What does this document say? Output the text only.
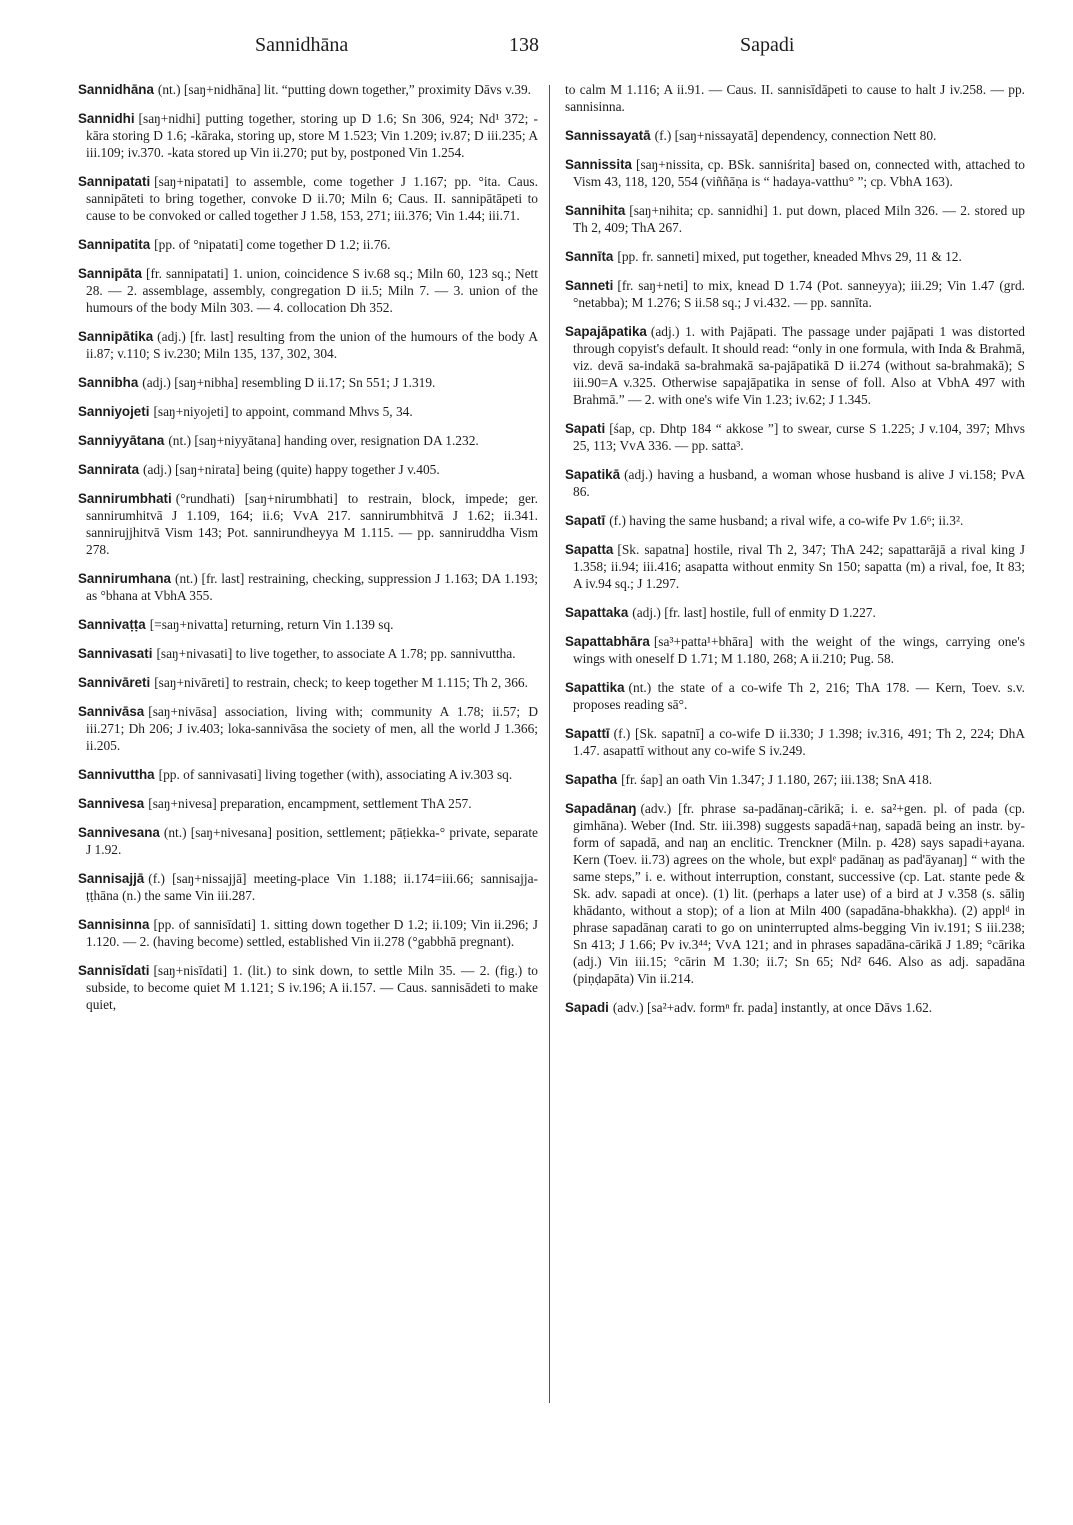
Sannidhāna	138	Sapadi

Sannidhāna (nt.) [saŋ+nidhāna] lit. “putting down together,” proximity Dāvs v.39.

Sannidhi [saŋ+nidhi] putting together, storing up D 1.6; Sn 306, 924; Nd¹ 372; -kāra storing D 1.6; -kāraka, storing up, store M 1.523; Vin 1.209; iv.87; D iii.235; A iii.109; iv.370. -kata stored up Vin ii.270; put by, postponed Vin 1.254.

Sannipatati [saŋ+nipatati] to assemble, come together J 1.167; pp. °ita. Caus. sannipāteti to bring together, convoke D ii.70; Miln 6; Caus. II. sannipātāpeti to cause to be convoked or called together J 1.58, 153, 271; iii.376; Vin 1.44; iii.71.

Sannipatita [pp. of °nipatati] come together D 1.2; ii.76.

Sannipāta [fr. sannipatati] 1. union, coincidence S iv.68 sq.; Miln 60, 123 sq.; Nett 28. — 2. assemblage, assembly, congregation D ii.5; Miln 7. — 3. union of the humours of the body Miln 303. — 4. collocation Dh 352.

Sannipātika (adj.) [fr. last] resulting from the union of the humours of the body A ii.87; v.110; S iv.230; Miln 135, 137, 302, 304.

Sannibha (adj.) [saŋ+nibha] resembling D ii.17; Sn 551; J 1.319.

Sanniyojeti [saŋ+niyojeti] to appoint, command Mhvs 5, 34.

Sanniyyātana (nt.) [saŋ+niyyātana] handing over, resignation DA 1.232.

Sannirata (adj.) [saŋ+nirata] being (quite) happy together J v.405.

Sannirumbhati (°rundhati) [saŋ+nirumbhati] to restrain, block, impede; ger. sannirumhitvā J 1.109, 164; ii.6; VvA 217. sannirumbhitvā J 1.62; ii.341. sannirujjhitvā Vism 143; Pot. sannirundheyya M 1.115. — pp. sanniruddha Vism 278.

Sannirumhana (nt.) [fr. last] restraining, checking, suppression J 1.163; DA 1.193; as °bhana at VbhA 355.

Sannivaṭṭa [=saŋ+nivatta] returning, return Vin 1.139 sq.

Sannivasati [saŋ+nivasati] to live together, to associate A 1.78; pp. sannivuttha.

Sannivāreti [saŋ+nivāreti] to restrain, check; to keep together M 1.115; Th 2, 366.

Sannivāsa [saŋ+nivāsa] association, living with; community A 1.78; ii.57; D iii.271; Dh 206; J iv.403; loka-sannivāsa the society of men, all the world J 1.366; ii.205.

Sannivuttha [pp. of sannivasati] living together (with), associating A iv.303 sq.

Sannivesa [saŋ+nivesa] preparation, encampment, settlement ThA 257.

Sannivesana (nt.) [saŋ+nivesana] position, settlement; pāṭiekka-° private, separate J 1.92.

Sannisajjā (f.) [saŋ+nissajjā] meeting-place Vin 1.188; ii.174=iii.66; sannisajja-ṭṭhāna (n.) the same Vin iii.287.

Sannisinna [pp. of sannisīdati] 1. sitting down together D 1.2; ii.109; Vin ii.296; J 1.120. — 2. (having become) settled, established Vin ii.278 (°gabbhā pregnant).

Sannisīdati [saŋ+nisīdati] 1. (lit.) to sink down, to settle Miln 35. — 2. (fig.) to subside, to become quiet M 1.121; S iv.196; A ii.157. — Caus. sannisādeti to make quiet,

to calm M 1.116; A ii.91. — Caus. II. sannisīdāpeti to cause to halt J iv.258. — pp. sannisinna.

Sannissayatā (f.) [saŋ+nissayatā] dependency, connection Nett 80.

Sannissita [saŋ+nissita, cp. BSk. sanniśrita] based on, connected with, attached to Vism 43, 118, 120, 554 (viññāṇa is “ hadaya-vatthu° ”; cp. VbhA 163).

Sannihita [saŋ+nihita; cp. sannidhi] 1. put down, placed Miln 326. — 2. stored up Th 2, 409; ThA 267.

Sannīta [pp. fr. sanneti] mixed, put together, kneaded Mhvs 29, 11 & 12.

Sanneti [fr. saŋ+neti] to mix, knead D 1.74 (Pot. sanneyya); iii.29; Vin 1.47 (grd. °netabba); M 1.276; S ii.58 sq.; J vi.432. — pp. sannīta.

Sapajāpatika (adj.) 1. with Pajāpati. The passage under pajāpati 1 was distorted through copyist's default. It should read: “only in one formula, with Inda & Brahmā, viz. devā sa-indakā sa-brahmakā sa-pajāpatikā D ii.274 (without sa-brahmakā); S iii.90=A v.325. Otherwise sapajāpatika in sense of foll. Also at VbhA 497 with Brahmā.” — 2. with one's wife Vin 1.23; iv.62; J 1.345.

Sapati [śap, cp. Dhtp 184 “ akkose ”] to swear, curse S 1.225; J v.104, 397; Mhvs 25, 113; VvA 336. — pp. satta³.

Sapatikā (adj.) having a husband, a woman whose husband is alive J vi.158; PvA 86.

Sapatī (f.) having the same husband; a rival wife, a co-wife Pv 1.6⁶; ii.3².

Sapatta [Sk. sapatna] hostile, rival Th 2, 347; ThA 242; sapattarājā a rival king J 1.358; ii.94; iii.416; asapatta without enmity Sn 150; sapatta (m) a rival, foe, It 83; A iv.94 sq.; J 1.297.

Sapattaka (adj.) [fr. last] hostile, full of enmity D 1.227.

Sapattabhāra [sa³+patta¹+bhāra] with the weight of the wings, carrying one's wings with oneself D 1.71; M 1.180, 268; A ii.210; Pug. 58.

Sapattika (nt.) the state of a co-wife Th 2, 216; ThA 178. — Kern, Toev. s.v. proposes reading sā°.

Sapattī (f.) [Sk. sapatnī] a co-wife D ii.330; J 1.398; iv.316, 491; Th 2, 224; DhA 1.47. asapattī without any co-wife S iv.249.

Sapatha [fr. śap] an oath Vin 1.347; J 1.180, 267; iii.138; SnA 418.

Sapadānaŋ (adv.) [fr. phrase sa-padānaŋ-cārikā; i. e. sa²+gen. pl. of pada (cp. gimhāna). Weber (Ind. Str. iii.398) suggests sapadā+naŋ, sapadā being an instr. by-form of sapadā, and naŋ an enclitic. Trenckner (Miln. p. 428) says sapadi+ayana. Kern (Toev. ii.73) agrees on the whole, but explᵉ padānaŋ as pad'āyanaŋ] “ with the same steps,” i. e. without interruption, constant, successive (cp. Lat. stante pede & Sk. adv. sapadi at once). (1) lit. (perhaps a later use) of a bird at J v.358 (s. sāliŋ khādanto, without a stop); of a lion at Miln 400 (sapadāna-bhakkha). (2) applᵈ in phrase sapadānaŋ carati to go on uninterrupted alms-begging Vin iv.191; S iii.238; Sn 413; J 1.66; Pv iv.3⁴⁴; VvA 121; and in phrases sapadāna-cārikā J 1.89; °cārika (adj.) Vin iii.15; °cārin M 1.30; ii.7; Sn 65; Nd² 646. Also as adj. sapadāna (piṇḍapāta) Vin ii.214.

Sapadi (adv.) [sa²+adv. formⁿ fr. pada] instantly, at once Dāvs 1.62.
